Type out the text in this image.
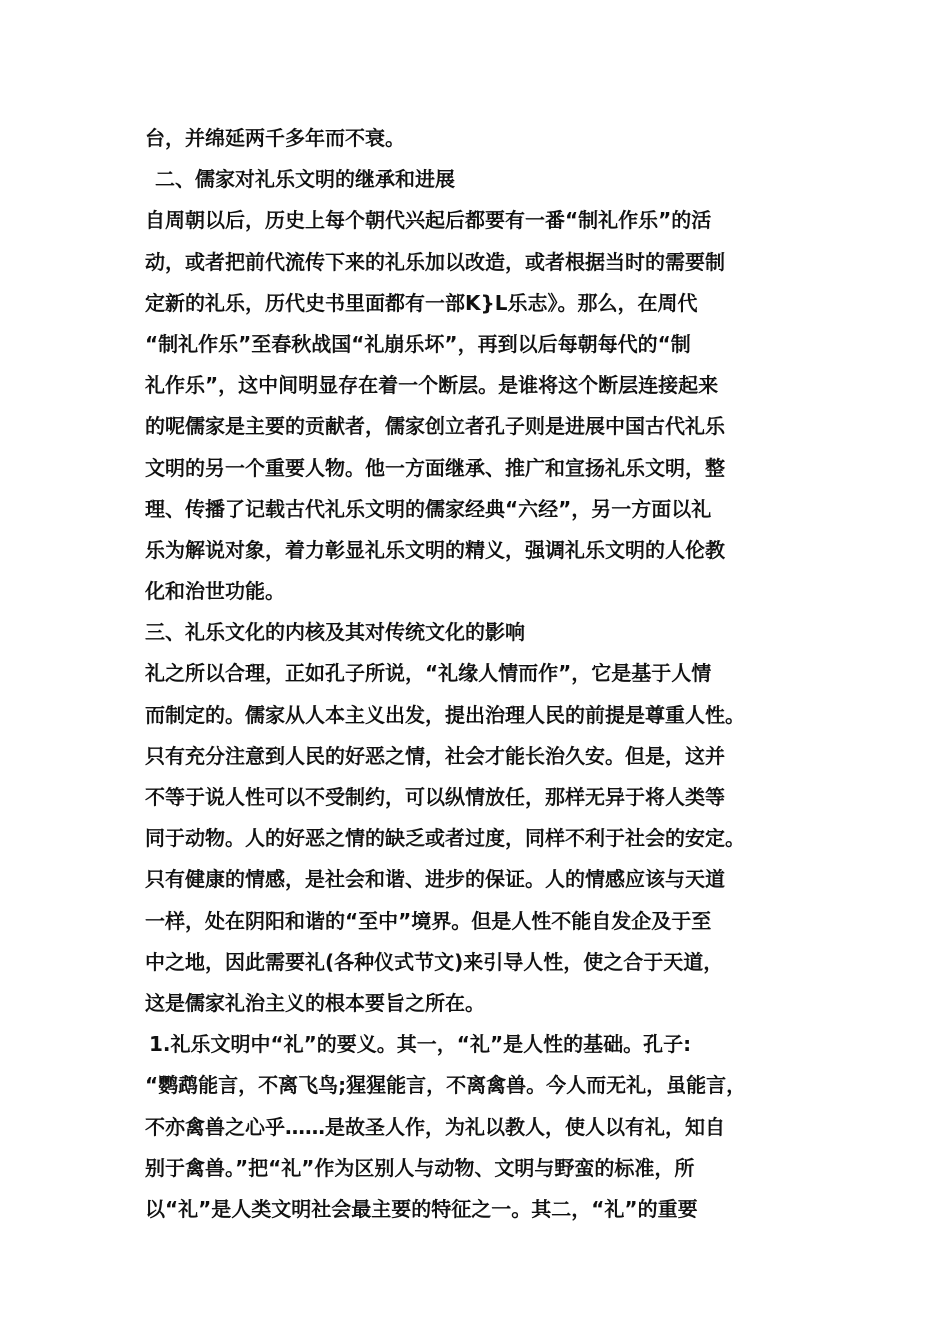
台，并绵延两千多年而不衰。
二、儒家对礼乐文明的继承和进展
自周朝以后，历史上每个朝代兴起后都要有一番“制礼作乐”的活
动，或者把前代流传下来的礼乐加以改造，或者根据当时的需要制
定新的礼乐，历代史书里面都有一部K}L乐志》。那么，在周代
“制礼作乐”至春秋战国“礼崩乐坏”，再到以后每朝每代的“制
礼作乐”，这中间明显存在着一个断层。是谁将这个断层连接起来
的呢儒家是主要的贡献者，儒家创立者孔子则是进展中国古代礼乐
文明的另一个重要人物。他一方面继承、推广和宣扬礼乐文明，整
理、传播了记载古代礼乐文明的儒家经典“六经”，另一方面以礼
乐为解说对象，着力彰显礼乐文明的精义，强调礼乐文明的人伦教
化和治世功能。
三、礼乐文化的内核及其对传统文化的影响
礼之所以合理，正如孔子所说，“礼缘人情而作”，它是基于人情
而制定的。儒家从人本主义出发，提出治理人民的前提是尊重人性。
只有充分注意到人民的好恶之情，社会才能长治久安。但是，这并
不等于说人性可以不受制约，可以纵情放任，那样无异于将人类等
同于动物。人的好恶之情的缺乏或者过度，同样不利于社会的安定。
只有健康的情感，是社会和谐、进步的保证。人的情感应该与天道
一样，处在阴阳和谐的“至中”境界。但是人性不能自发企及于至
中之地，因此需要礼(各种仪式节文)来引导人性，使之合于天道，
这是儒家礼治主义的根本要旨之所在。
1.礼乐文明中“礼”的要义。其一，“礼”是人性的基础。孔子:
“鹦鹉能言，不离飞鸟;猩猩能言，不离禽兽。今人而无礼，虽能言，
不亦禽兽之心乎……是故圣人作，为礼以教人，使人以有礼，知自
别于禽兽。”把“礼”作为区别人与动物、文明与野蛮的标准，所
以“礼”是人类文明社会最主要的特征之一。其二，“礼”的重要
